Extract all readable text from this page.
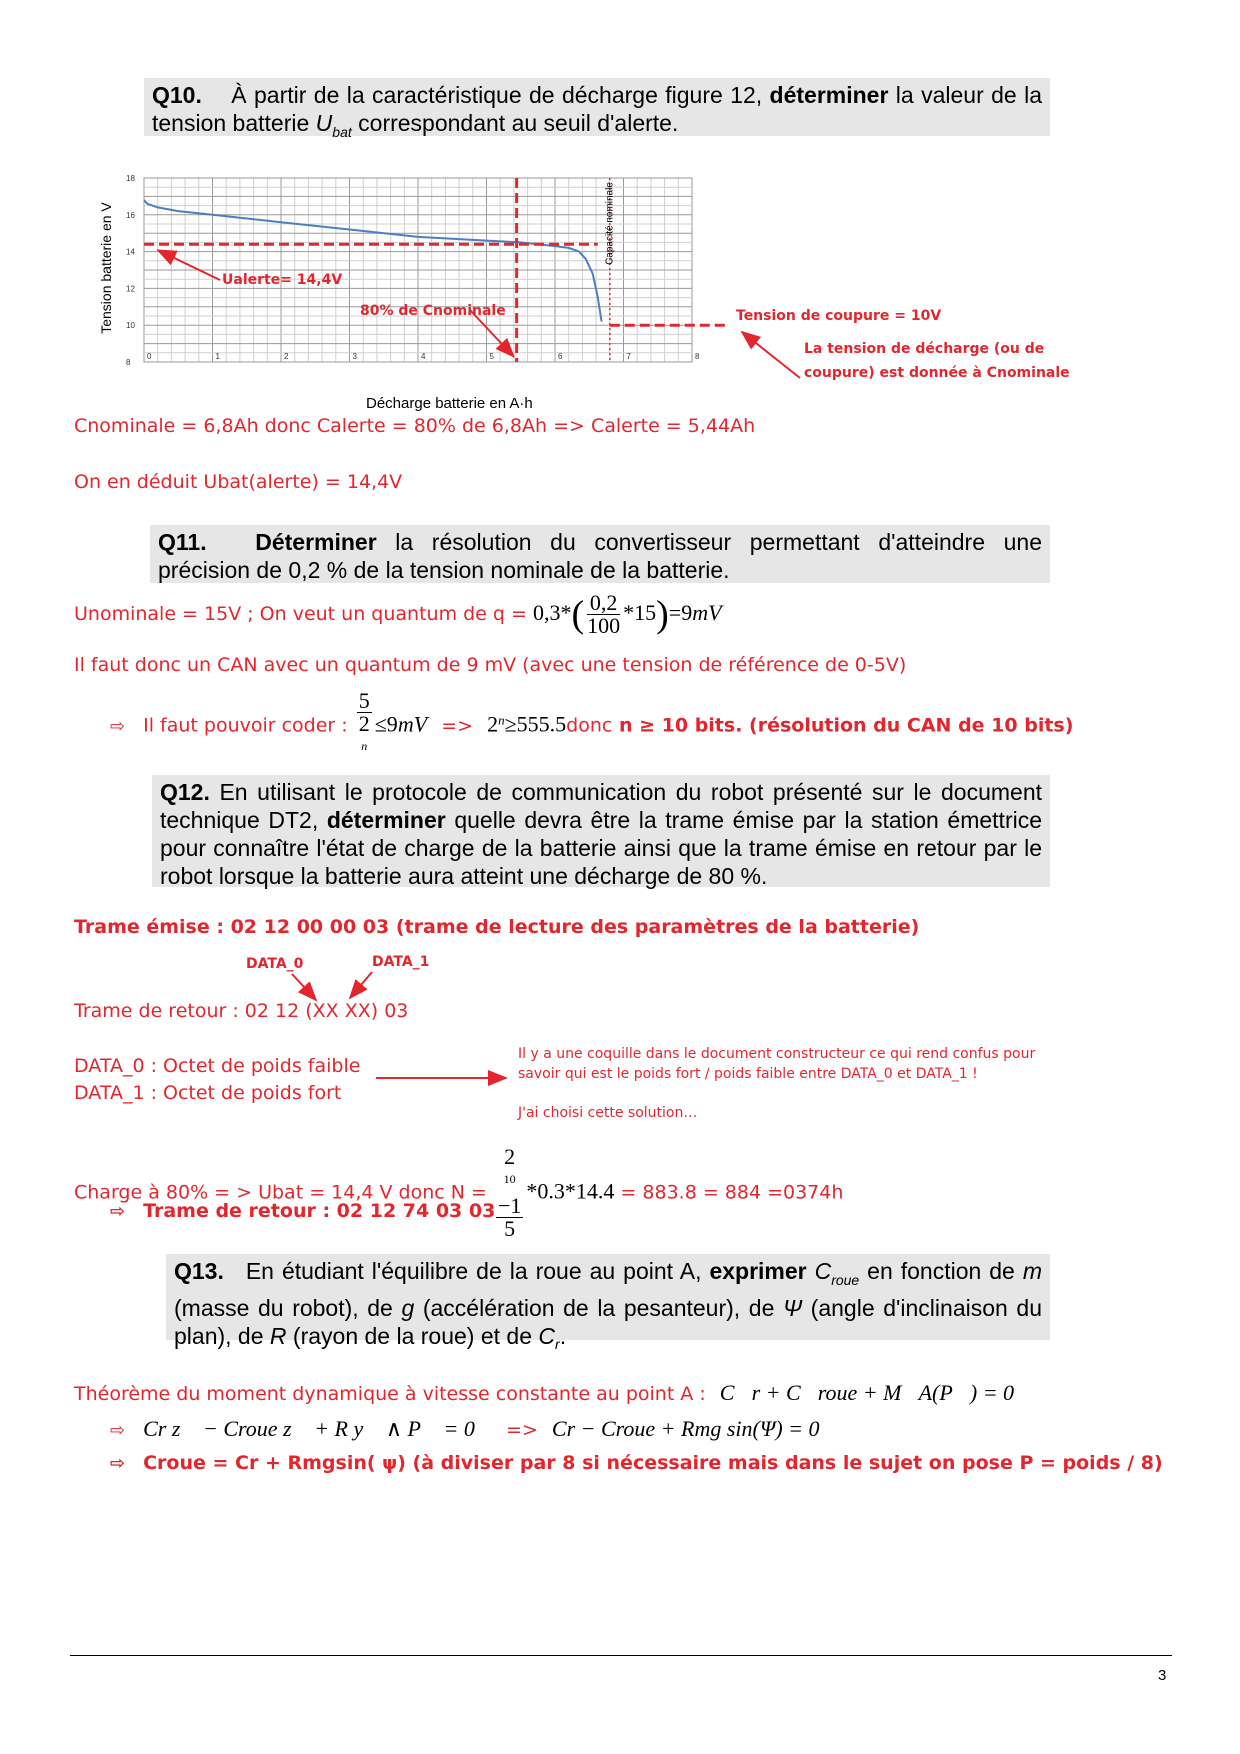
Q10. À partir de la caractéristique de décharge figure 12, déterminer la valeur de la tension batterie $U_{bat}$ correspondant au seuil d'alerte.
0	1	2	3	4	5	6	7	8
8
10
12
14
16
18
Tension batterie en V
Décharge batterie en A·h
Capacité nominale
Ualerte= 14,4V
80% de Cnominale	Tension de coupure = 10V
La tension de décharge (ou de
coupure) est donnée à Cnominale
Cnominale = 6,8Ah donc Calerte = 80% de 6,8Ah => Calerte = 5,44Ah
On en déduit Ubat(alerte) = 14,4V
Q11. Déterminer la résolution du convertisseur permettant d'atteindre une précision de 0,2 % de la tension nominale de la batterie.
Unominale = 15V ; On veut un quantum de $q = 0,3*( \frac{0,2}{100} *15)=9mV$
Il faut donc un CAN avec un quantum de 9 mV (avec une tension de référence de 0-5V)
⇨ Il faut pouvoir coder : 5
2
$^n \le 9mV => 2^n\ge 555.5donc$ n ≥ 10 bits. (résolution du CAN de 10 bits)
Q12. En utilisant le protocole de communication du robot présenté sur le document technique DT2, déterminer quelle devra être la trame émise par la station émettrice pour connaître l'état de charge de la batterie ainsi que la trame émise en retour par le robot lorsque la batterie aura atteint une décharge de 80 %.
Trame émise : 02 12 00 00 03 (trame de lecture des paramètres de la batterie)
DATA_0	DATA_1
Trame de retour : 02 12 (XX XX) 03
DATA_0 : Octet de poids faible
DATA_1 : Octet de poids fort
Il y a une coquille dans le document constructeur ce qui rend confus pour
savoir qui est le poids fort / poids faible entre DATA_0 et DATA_1 !
J'ai choisi cette solution…
Charge à 80% = > Ubat = 14,4 V donc N = 2
$^{10}$
−1
5 *0.3*14.4 = 883.8 = 884 =0374h
⇨ Trame de retour : 02 12 74 03 03
Q13. En étudiant l'équilibre de la roue au point A, exprimer $C_{roue}$ en fonction de m (masse du robot), de g (accélération de la pesanteur), de Ψ (angle d'inclinaison du plan), de R (rayon de la roue) et de $C_r$.
Théorème du moment dynamique à vitesse constante au point A : C⃗r + C⃗roue + M⃗A(P⃗) = 0⃗
⇨ Cr z⃗ − Croue z⃗ + R y⃗ ∧ P⃗ = 0⃗ => Cr − Croue + Rmg sin(Ψ) = 0
⇨ Croue = Cr + Rmgsin( ψ) (à diviser par 8 si nécessaire mais dans le sujet on pose P = poids / 8)
3
